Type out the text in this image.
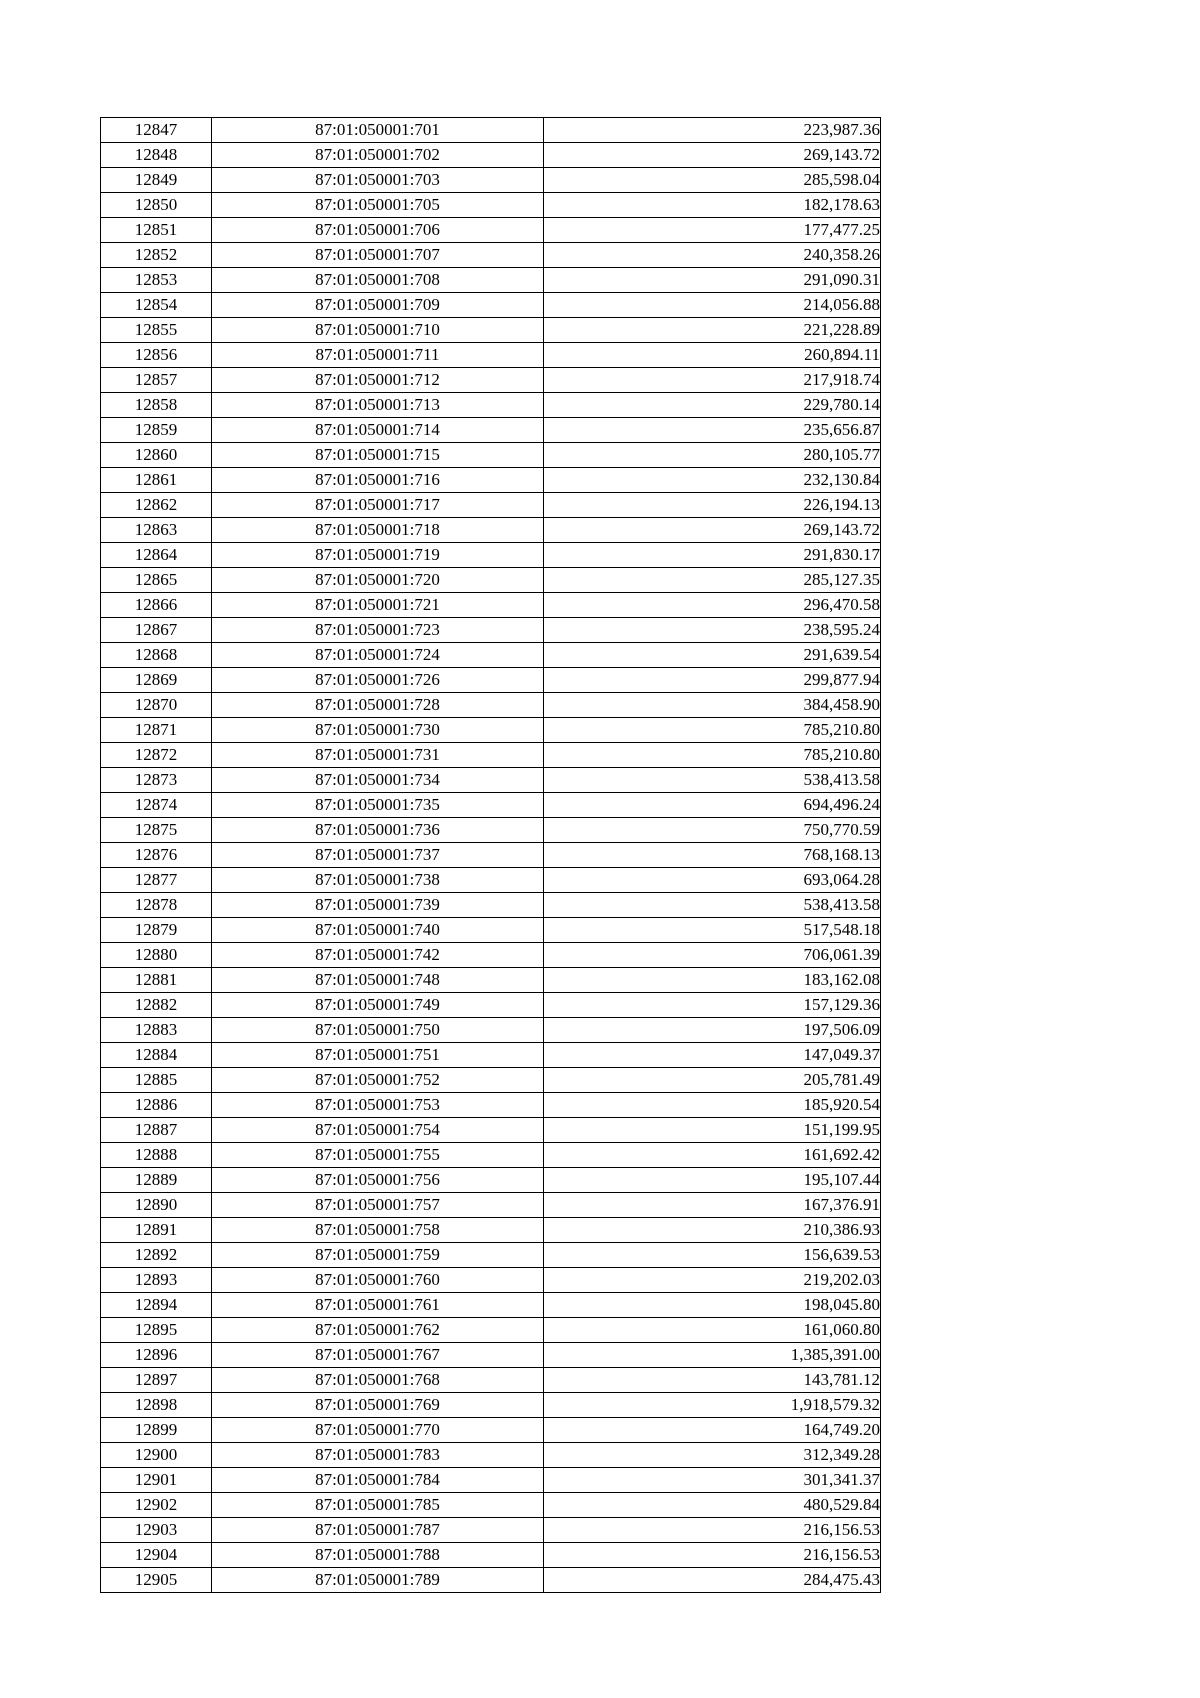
12847	87:01:050001:701	223,987.36
12848	87:01:050001:702	269,143.72
12849	87:01:050001:703	285,598.04
12850	87:01:050001:705	182,178.63
12851	87:01:050001:706	177,477.25
12852	87:01:050001:707	240,358.26
12853	87:01:050001:708	291,090.31
12854	87:01:050001:709	214,056.88
12855	87:01:050001:710	221,228.89
12856	87:01:050001:711	260,894.11
12857	87:01:050001:712	217,918.74
12858	87:01:050001:713	229,780.14
12859	87:01:050001:714	235,656.87
12860	87:01:050001:715	280,105.77
12861	87:01:050001:716	232,130.84
12862	87:01:050001:717	226,194.13
12863	87:01:050001:718	269,143.72
12864	87:01:050001:719	291,830.17
12865	87:01:050001:720	285,127.35
12866	87:01:050001:721	296,470.58
12867	87:01:050001:723	238,595.24
12868	87:01:050001:724	291,639.54
12869	87:01:050001:726	299,877.94
12870	87:01:050001:728	384,458.90
12871	87:01:050001:730	785,210.80
12872	87:01:050001:731	785,210.80
12873	87:01:050001:734	538,413.58
12874	87:01:050001:735	694,496.24
12875	87:01:050001:736	750,770.59
12876	87:01:050001:737	768,168.13
12877	87:01:050001:738	693,064.28
12878	87:01:050001:739	538,413.58
12879	87:01:050001:740	517,548.18
12880	87:01:050001:742	706,061.39
12881	87:01:050001:748	183,162.08
12882	87:01:050001:749	157,129.36
12883	87:01:050001:750	197,506.09
12884	87:01:050001:751	147,049.37
12885	87:01:050001:752	205,781.49
12886	87:01:050001:753	185,920.54
12887	87:01:050001:754	151,199.95
12888	87:01:050001:755	161,692.42
12889	87:01:050001:756	195,107.44
12890	87:01:050001:757	167,376.91
12891	87:01:050001:758	210,386.93
12892	87:01:050001:759	156,639.53
12893	87:01:050001:760	219,202.03
12894	87:01:050001:761	198,045.80
12895	87:01:050001:762	161,060.80
12896	87:01:050001:767	1,385,391.00
12897	87:01:050001:768	143,781.12
12898	87:01:050001:769	1,918,579.32
12899	87:01:050001:770	164,749.20
12900	87:01:050001:783	312,349.28
12901	87:01:050001:784	301,341.37
12902	87:01:050001:785	480,529.84
12903	87:01:050001:787	216,156.53
12904	87:01:050001:788	216,156.53
12905	87:01:050001:789	284,475.43
